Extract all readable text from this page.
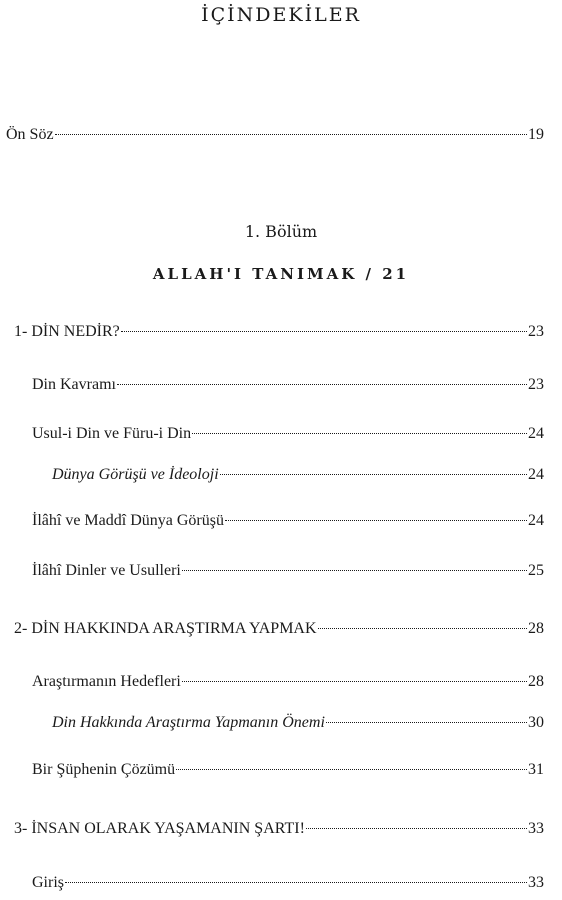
İÇİNDEKİLER
Ön Söz	19
1. Bölüm
ALLAH'I TANIMAK / 21
1- DİN NEDİR?	23
Din Kavramı	23
Usul-i Din ve Füru-i Din	24
Dünya Görüşü ve İdeoloji	24
İlâhî ve Maddî Dünya Görüşü	24
İlâhî Dinler ve Usulleri	25
2- DİN HAKKINDA ARAŞTIRMA YAPMAK	28
Araştırmanın Hedefleri	28
Din Hakkında Araştırma Yapmanın Önemi	30
Bir Şüphenin Çözümü	31
3- İNSAN OLARAK YAŞAMANIN ŞARTI!	33
Giriş	33
